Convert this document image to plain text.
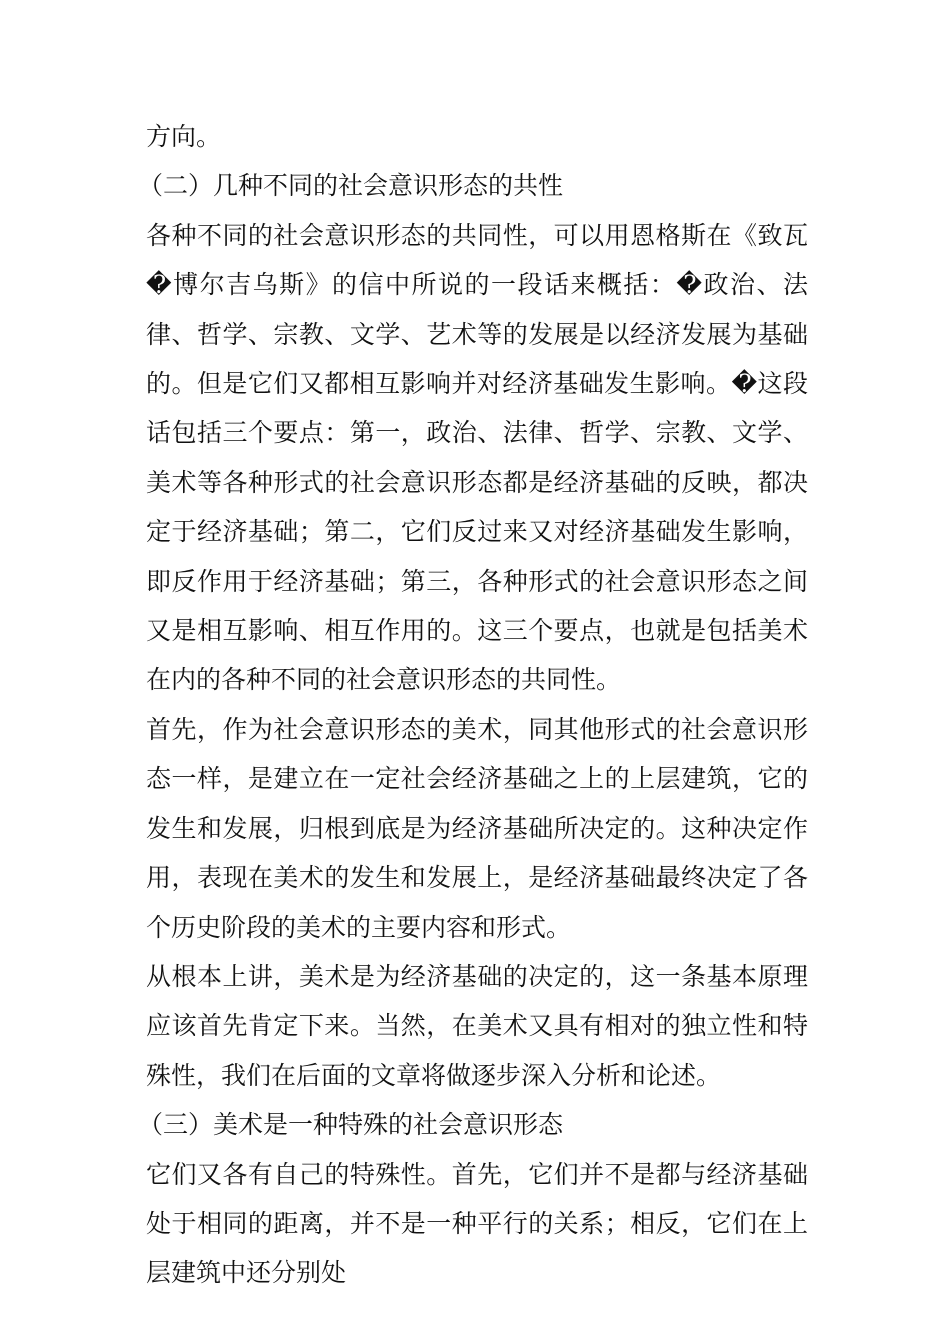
方向。

（二）几种不同的社会意识形态的共性

各种不同的社会意识形态的共同性，可以用恩格斯在《致瓦�博尔吉乌斯》的信中所说的一段话来概括：�政治、法律、哲学、宗教、文学、艺术等的发展是以经济发展为基础的。但是它们又都相互影响并对经济基础发生影响。�这段话包括三个要点：第一，政治、法律、哲学、宗教、文学、美术等各种形式的社会意识形态都是经济基础的反映，都决定于经济基础；第二，它们反过来又对经济基础发生影响，即反作用于经济基础；第三，各种形式的社会意识形态之间又是相互影响、相互作用的。这三个要点，也就是包括美术在内的各种不同的社会意识形态的共同性。

首先，作为社会意识形态的美术，同其他形式的社会意识形态一样，是建立在一定社会经济基础之上的上层建筑，它的发生和发展，归根到底是为经济基础所决定的。这种决定作用，表现在美术的发生和发展上，是经济基础最终决定了各个历史阶段的美术的主要内容和形式。

从根本上讲，美术是为经济基础的决定的，这一条基本原理应该首先肯定下来。当然，在美术又具有相对的独立性和特殊性，我们在后面的文章将做逐步深入分析和论述。

（三）美术是一种特殊的社会意识形态

它们又各有自己的特殊性。首先，它们并不是都与经济基础处于相同的距离，并不是一种平行的关系；相反，它们在上层建筑中还分别处
